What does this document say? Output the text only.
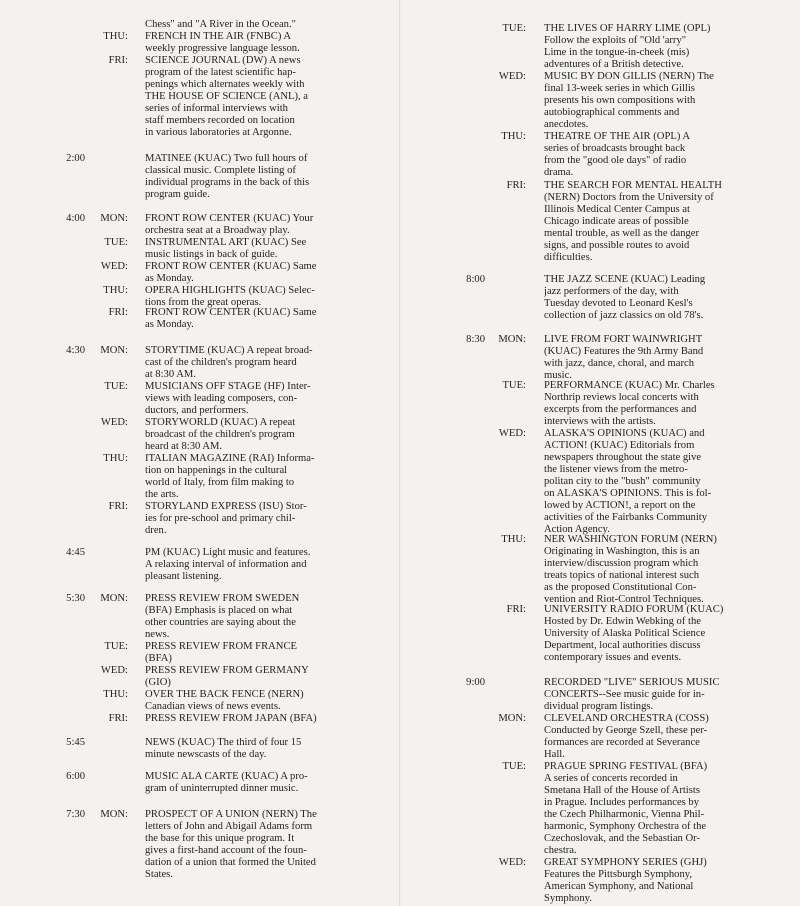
Chess" and "A River in the Ocean."
THU: FRENCH IN THE AIR (FNBC) A
weekly progressive language lesson.
FRI: SCIENCE JOURNAL (DW) A news
program of the latest scientific hap-
penings which alternates weekly with
THE HOUSE OF SCIENCE (ANL), a
series of informal interviews with
staff members recorded on location
in various laboratories at Argonne.
2:00	MATINEE (KUAC) Two full hours of
classical music. Complete listing of
individual programs in the back of this
program guide.
4:00	MON: FRONT ROW CENTER (KUAC) Your
orchestra seat at a Broadway play.
TUE: INSTRUMENTAL ART (KUAC) See
music listings in back of guide.
WED: FRONT ROW CENTER (KUAC) Same
as Monday.
THU: OPERA HIGHLIGHTS (KUAC) Selec-
tions from the great operas.
FRI: FRONT ROW CENTER (KUAC) Same
as Monday.
4:30	MON: STORYTIME (KUAC) A repeat broad-
cast of the children's program heard
at 8:30 AM.
TUE: MUSICIANS OFF STAGE (HF) Inter-
views with leading composers, con-
ductors, and performers.
WED: STORYWORLD (KUAC) A repeat
broadcast of the children's program
heard at 8:30 AM.
THU: ITALIAN MAGAZINE (RAI) Informa-
tion on happenings in the cultural
world of Italy, from film making to
the arts.
FRI: STORYLAND EXPRESS (ISU) Stor-
ies for pre-school and primary chil-
dren.
4:45	PM (KUAC) Light music and features.
A relaxing interval of information and
pleasant listening.
5:30	MON: PRESS REVIEW FROM SWEDEN
(BFA) Emphasis is placed on what
other countries are saying about the
news.
TUE: PRESS REVIEW FROM FRANCE
(BFA)
WED: PRESS REVIEW FROM GERMANY
(GIO)
THU: OVER THE BACK FENCE (NERN)
Canadian views of news events.
FRI: PRESS REVIEW FROM JAPAN (BFA)
5:45	NEWS (KUAC) The third of four 15
minute newscasts of the day.
6:00	MUSIC ALA CARTE (KUAC) A pro-
gram of uninterrupted dinner music.
7:30	MON: PROSPECT OF A UNION (NERN) The
letters of John and Abigail Adams form
the base for this unique program. It
gives a first-hand account of the foun-
dation of a union that formed the United
States.
TUE: THE LIVES OF HARRY LIME (OPL)
Follow the exploits of "Old 'arry"
Lime in the tongue-in-cheek (mis)
adventures of a British detective.
WED: MUSIC BY DON GILLIS (NERN) The
final 13-week series in which Gillis
presents his own compositions with
autobiographical comments and
anecdotes.
THU: THEATRE OF THE AIR (OPL) A
series of broadcasts brought back
from the "good ole days" of radio
drama.
FRI: THE SEARCH FOR MENTAL HEALTH
(NERN) Doctors from the University of
Illinois Medical Center Campus at
Chicago indicate areas of possible
mental trouble, as well as the danger
signs, and possible routes to avoid
difficulties.
8:00	THE JAZZ SCENE (KUAC) Leading
jazz performers of the day, with
Tuesday devoted to Leonard Kesl's
collection of jazz classics on old 78's.
8:30	MON: LIVE FROM FORT WAINWRIGHT
(KUAC) Features the 9th Army Band
with jazz, dance, choral, and march
music.
TUE: PERFORMANCE (KUAC) Mr. Charles
Northrip reviews local concerts with
excerpts from the performances and
interviews with the artists.
WED: ALASKA'S OPINIONS (KUAC) and
ACTION! (KUAC) Editorials from
newspapers throughout the state give
the listener views from the metro-
politan city to the "bush" community
on ALASKA'S OPINIONS. This is fol-
lowed by ACTION!, a report on the
activities of the Fairbanks Community
Action Agency.
THU: NER WASHINGTON FORUM (NERN)
Originating in Washington, this is an
interview/discussion program which
treats topics of national interest such
as the proposed Constitutional Con-
vention and Riot-Control Techniques.
FRI: UNIVERSITY RADIO FORUM (KUAC)
Hosted by Dr. Edwin Webking of the
University of Alaska Political Science
Department, local authorities discuss
contemporary issues and events.
9:00	RECORDED "LIVE" SERIOUS MUSIC
CONCERTS--See music guide for in-
dividual program listings.
MON: CLEVELAND ORCHESTRA (COSS)
Conducted by George Szell, these per-
formances are recorded at Severance
Hall.
TUE: PRAGUE SPRING FESTIVAL (BFA)
A series of concerts recorded in
Smetana Hall of the House of Artists
in Prague. Includes performances by
the Czech Philharmonic, Vienna Phil-
harmonic, Symphony Orchestra of the
Czechoslovak, and the Sebastian Or-
chestra.
WED: GREAT SYMPHONY SERIES (GHJ)
Features the Pittsburgh Symphony,
American Symphony, and National
Symphony.
